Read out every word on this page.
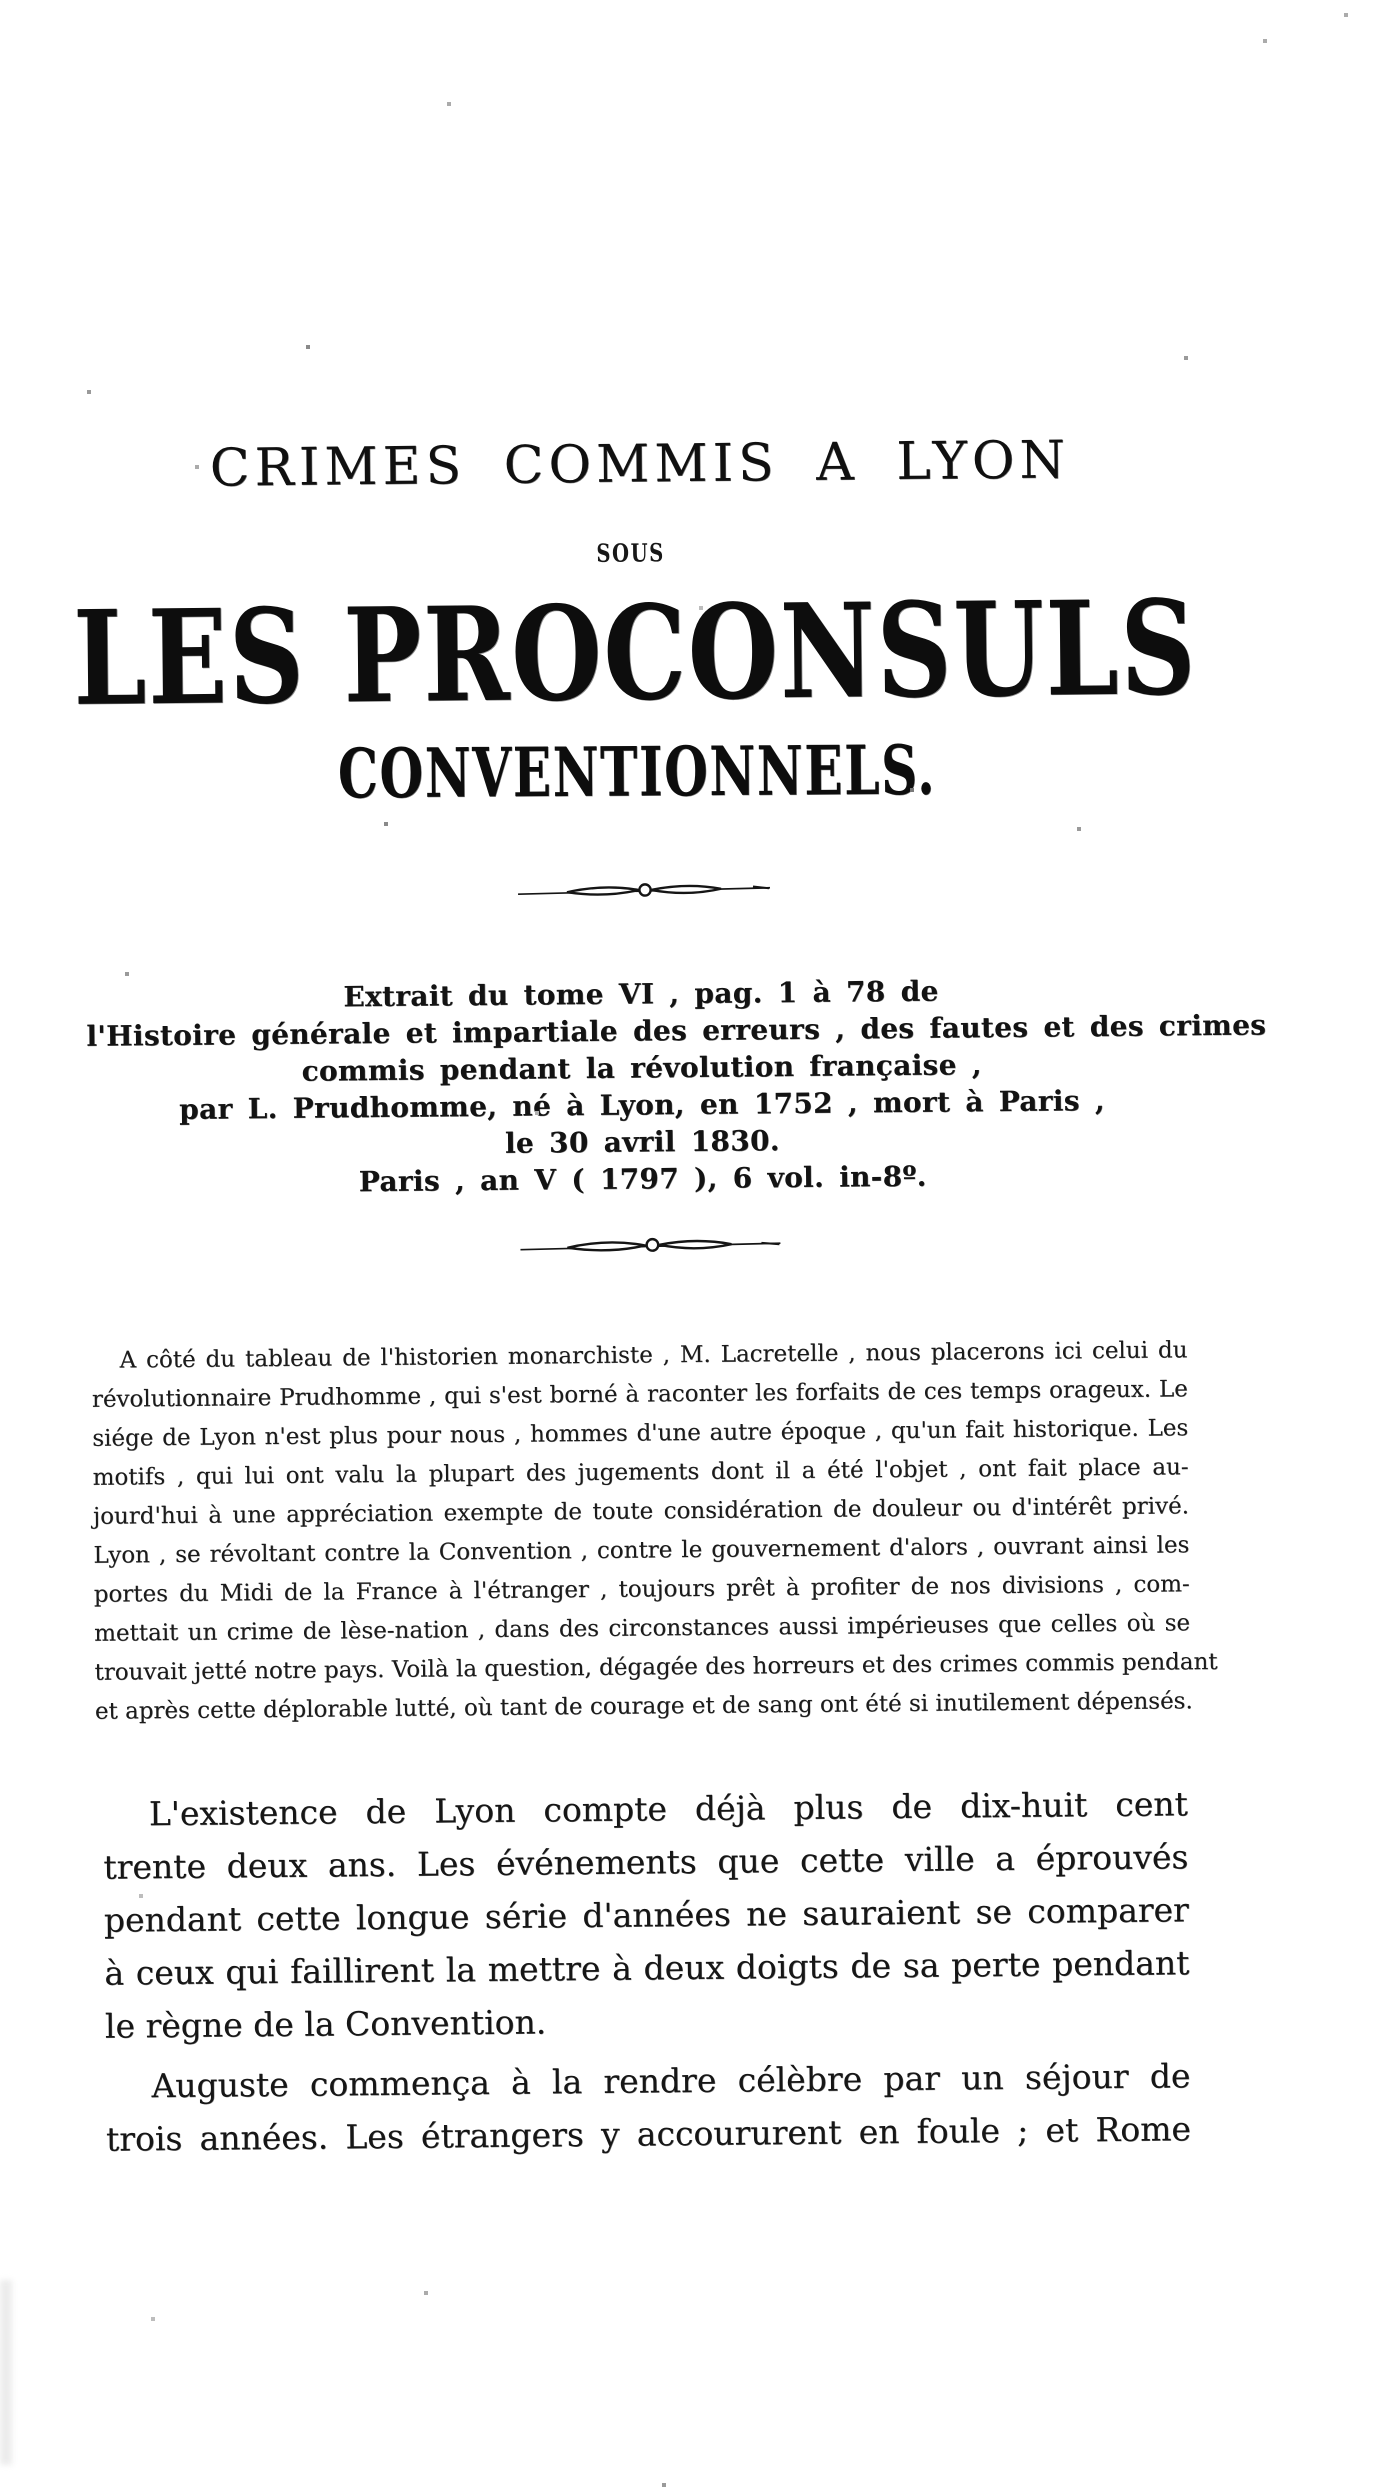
CRIMES COMMIS A LYON
SOUS
LES PROCONSULS
CONVENTIONNELS.
Extrait du tome VI , pag. 1 à 78 de
l'Histoire générale et impartiale des erreurs , des fautes et des crimes
commis pendant la révolution française ,
par L. Prudhomme, né à Lyon, en 1752 , mort à Paris ,
le 30 avril 1830.
Paris , an V ( 1797 ), 6 vol. in-8º.
A côté du tableau de l'historien monarchiste , M. Lacretelle , nous placerons ici celui du
révolutionnaire Prudhomme , qui s'est borné à raconter les forfaits de ces temps orageux. Le
siége de Lyon n'est plus pour nous , hommes d'une autre époque , qu'un fait historique. Les
motifs , qui lui ont valu la plupart des jugements dont il a été l'objet , ont fait place au-
jourd'hui à une appréciation exempte de toute considération de douleur ou d'intérêt privé.
Lyon , se révoltant contre la Convention , contre le gouvernement d'alors , ouvrant ainsi les
portes du Midi de la France à l'étranger , toujours prêt à profiter de nos divisions , com-
mettait un crime de lèse-nation , dans des circonstances aussi impérieuses que celles où se
trouvait jetté notre pays. Voilà la question, dégagée des horreurs et des crimes commis pendant
et après cette déplorable lutté, où tant de courage et de sang ont été si inutilement dépensés.
L'existence de Lyon compte déjà plus de dix-huit cent
trente deux ans. Les événements que cette ville a éprouvés
pendant cette longue série d'années ne sauraient se comparer
à ceux qui faillirent la mettre à deux doigts de sa perte pendant
le règne de la Convention.
Auguste commença à la rendre célèbre par un séjour de
trois années. Les étrangers y accoururent en foule ; et Rome
